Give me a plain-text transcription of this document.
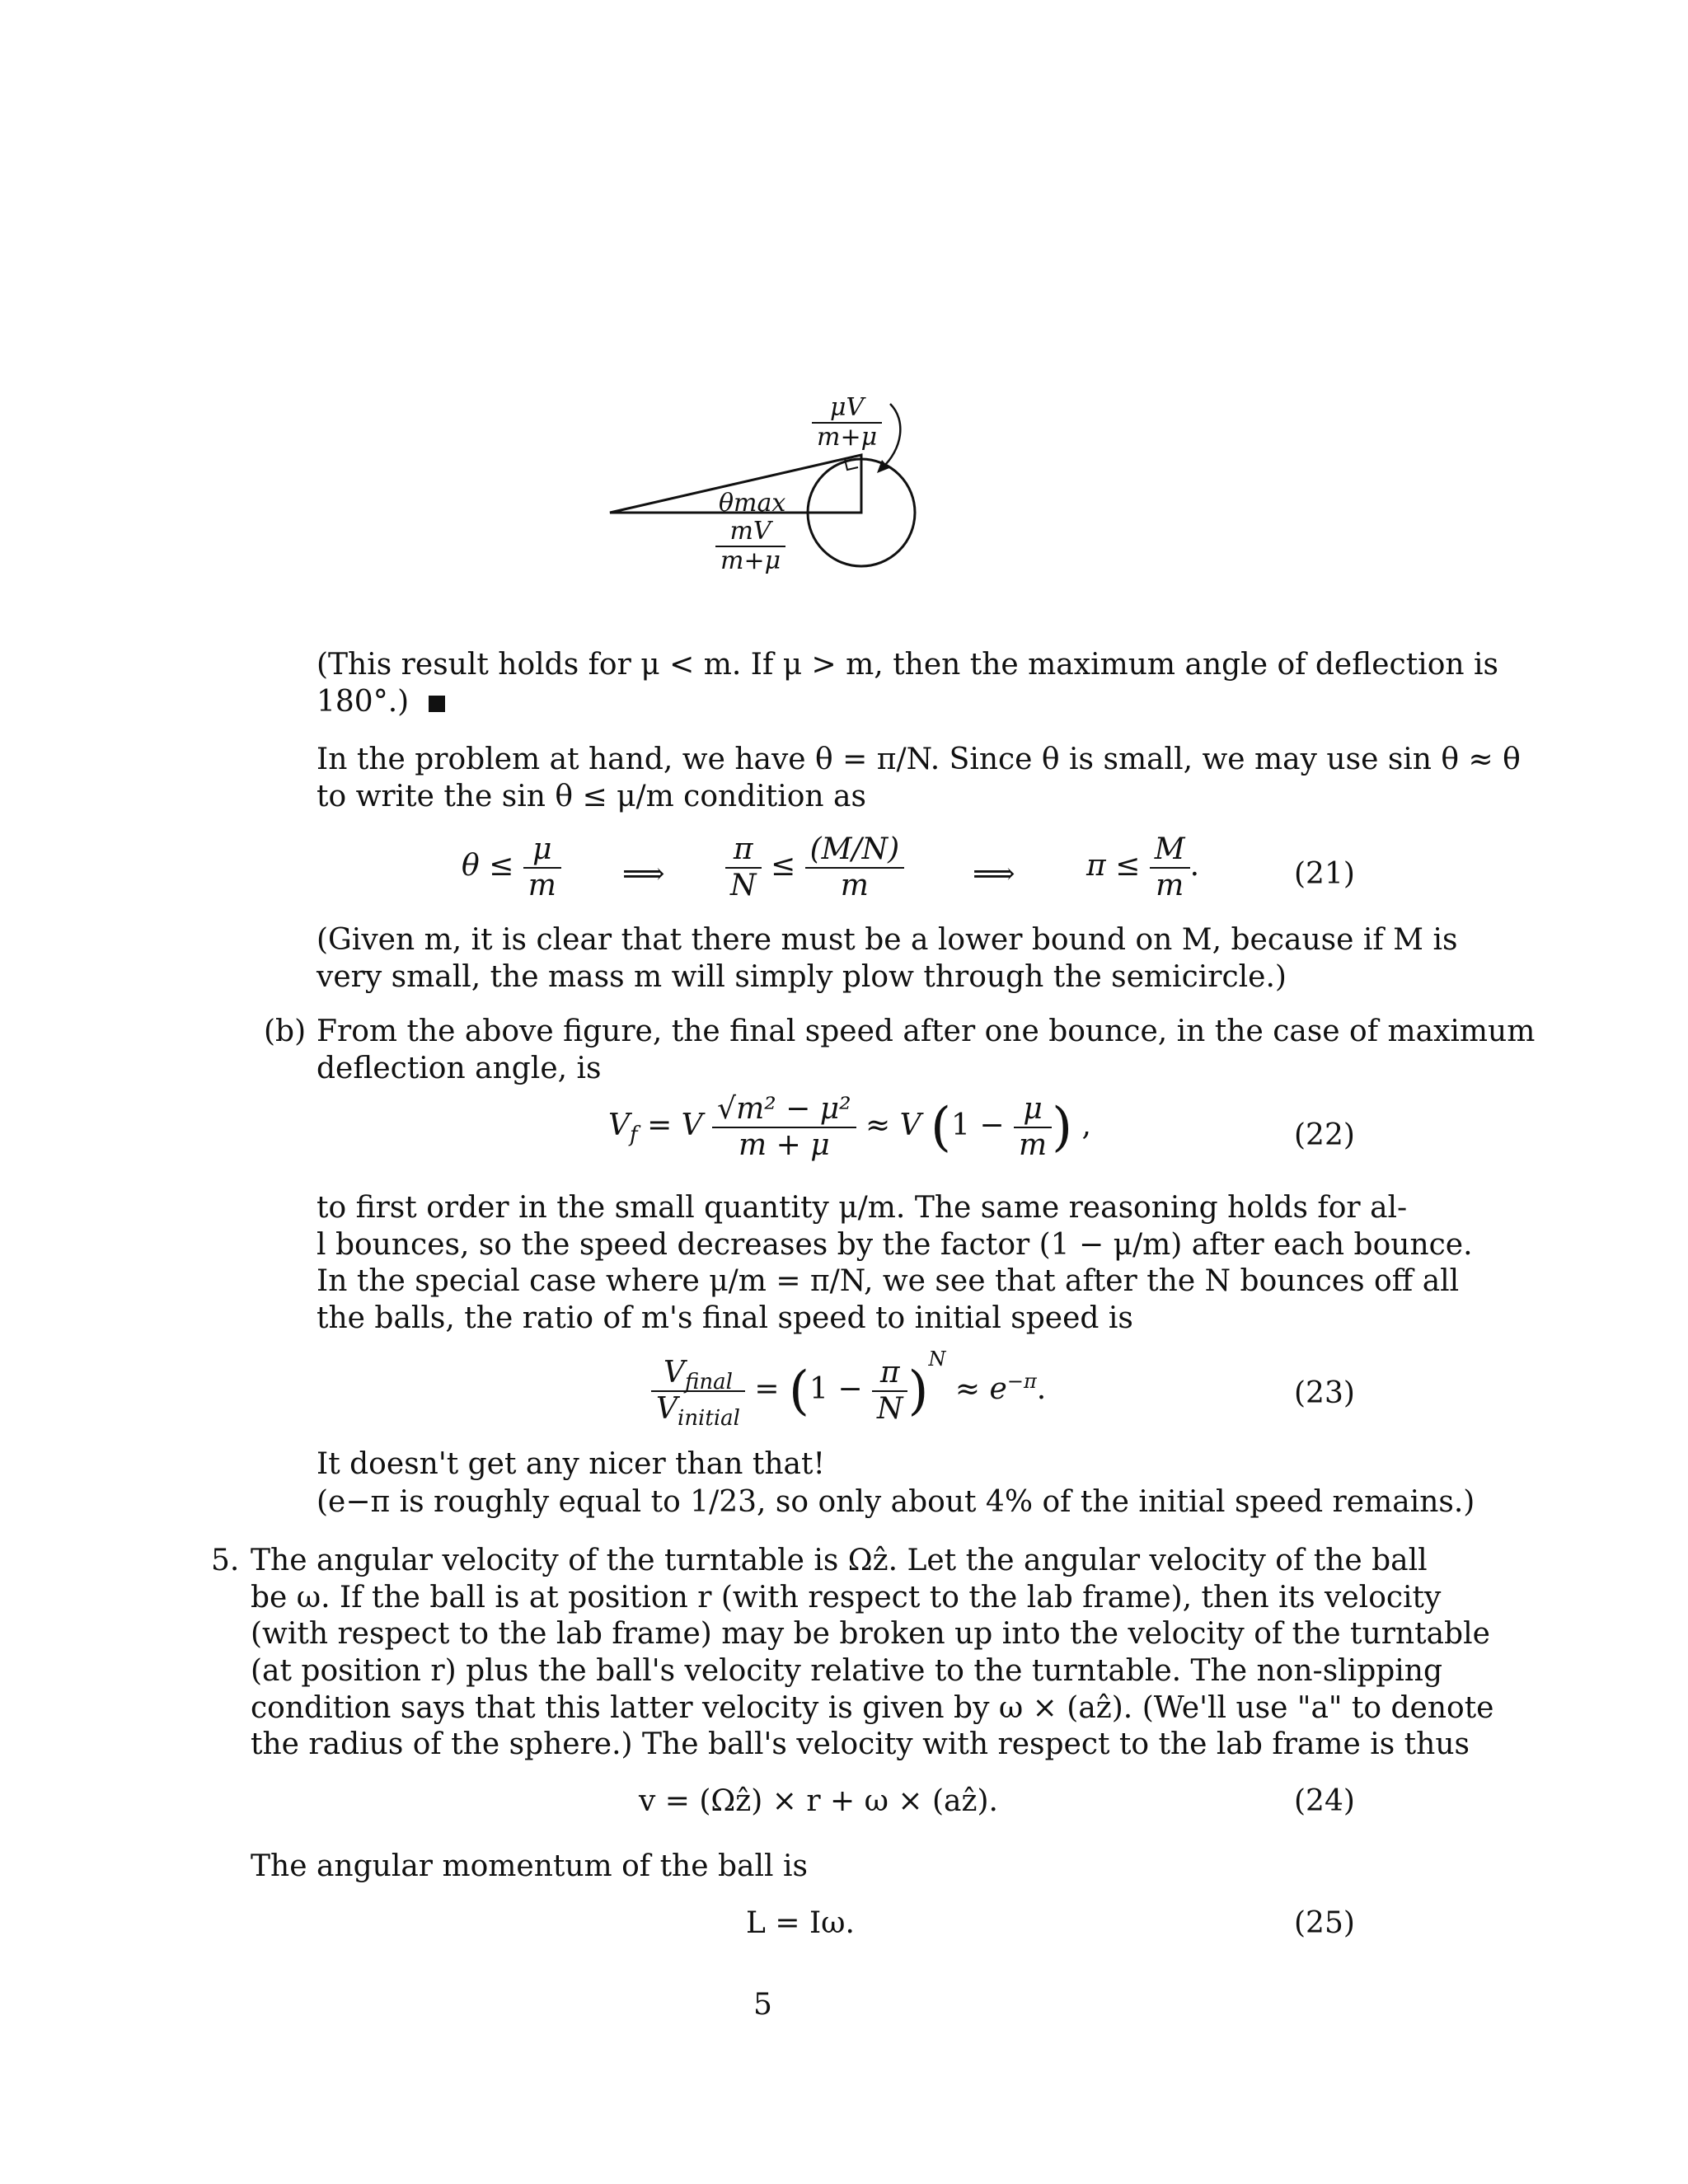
$\frac{\mu V}{m+\mu}$
θmax
$\frac{mV}{m+\mu}$
(This result holds for μ < m. If μ > m, then the maximum angle of deflection is
180°.)
In the problem at hand, we have θ = π/N. Since θ is small, we may use sin θ ≈ θ
to write the sin θ ≤ μ/m condition as
$\theta \le \frac{\mu}{m}$ ⟹ $\frac{\pi}{N} \le \frac{(M/N)}{m}$ ⟹ $\pi \le \frac{M}{m}$ .	(21)
(Given m, it is clear that there must be a lower bound on M, because if M is
very small, the mass m will simply plow through the semicircle.)
(b) From the above figure, the final speed after one bounce, in the case of maximum
deflection angle, is
$V_f = V \frac{\text{√m² − μ²}}{m + \mu} \approx V$ ($1 - \frac{\mu}{m}$ ) ,	(22)
to first order in the small quantity μ/m. The same reasoning holds for al-
l bounces, so the speed decreases by the factor (1 − μ/m) after each bounce.
In the special case where μ/m = π/N, we see that after the N bounces off all
the balls, the ratio of m's final speed to initial speed is
$\frac{V_{final}}{V_{initial}} = (1 - \frac{\pi}{N} )^N \approx e^{-\pi}$.	(23)
It doesn't get any nicer than that!
(e−π is roughly equal to 1/23, so only about 4% of the initial speed remains.)
5. The angular velocity of the turntable is Ωẑ. Let the angular velocity of the ball
be ω. If the ball is at position r (with respect to the lab frame), then its velocity
(with respect to the lab frame) may be broken up into the velocity of the turntable
(at position r) plus the ball's velocity relative to the turntable. The non-slipping
condition says that this latter velocity is given by ω × (aẑ). (We'll use "a" to denote
the radius of the sphere.) The ball's velocity with respect to the lab frame is thus
v = (Ωẑ) × r + ω × (aẑ).	(24)
The angular momentum of the ball is
L = Iω.	(25)
5
